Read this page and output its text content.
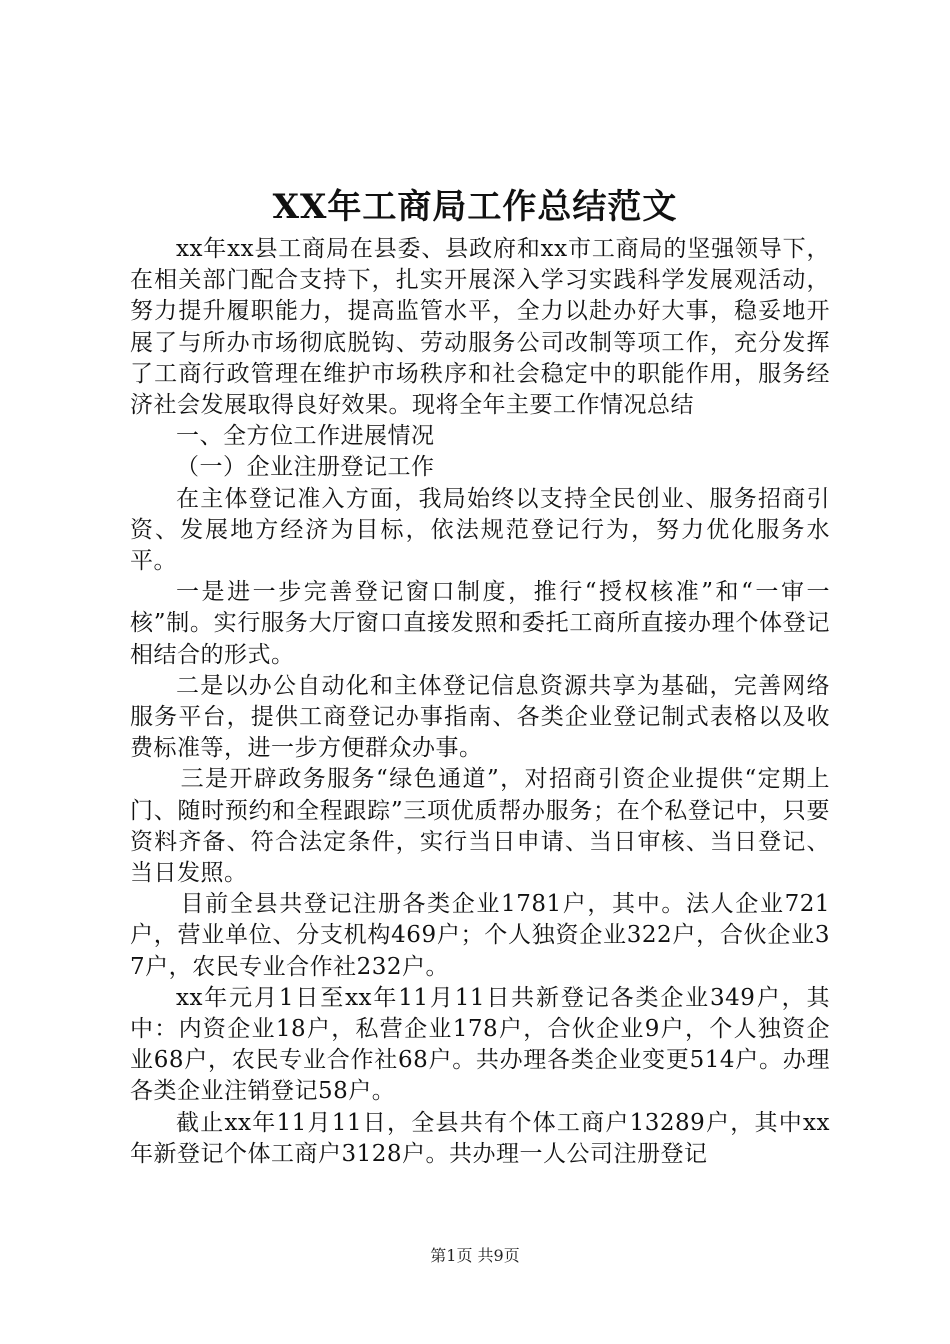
XX年工商局工作总结范文

xx年xx县工商局在县委、县政府和xx市工商局的坚强领导下，在相关部门配合支持下，扎实开展深入学习实践科学发展观活动，努力提升履职能力，提高监管水平，全力以赴办好大事，稳妥地开展了与所办市场彻底脱钩、劳动服务公司改制等项工作，充分发挥了工商行政管理在维护市场秩序和社会稳定中的职能作用，服务经济社会发展取得良好效果。现将全年主要工作情况总结

一、全方位工作进展情况

（一）企业注册登记工作

在主体登记准入方面，我局始终以支持全民创业、服务招商引资、发展地方经济为目标，依法规范登记行为，努力优化服务水平。

一是进一步完善登记窗口制度，推行“授权核准”和“一审一核”制。实行服务大厅窗口直接发照和委托工商所直接办理个体登记相结合的形式。

二是以办公自动化和主体登记信息资源共享为基础，完善网络服务平台，提供工商登记办事指南、各类企业登记制式表格以及收费标准等，进一步方便群众办事。

三是开辟政务服务“绿色通道”，对招商引资企业提供“定期上门、随时预约和全程跟踪”三项优质帮办服务；在个私登记中，只要资料齐备、符合法定条件，实行当日申请、当日审核、当日登记、当日发照。

目前全县共登记注册各类企业1781户，其中。法人企业721户，营业单位、分支机构469户；个人独资企业322户，合伙企业37户，农民专业合作社232户。

xx年元月1日至xx年11月11日共新登记各类企业349户，其中：内资企业18户，私营企业178户，合伙企业9户，个人独资企业68户，农民专业合作社68户。共办理各类企业变更514户。办理各类企业注销登记58户。

截止xx年11月11日，全县共有个体工商户13289户，其中xx年新登记个体工商户3128户。共办理一人公司注册登记

第1页 共9页
